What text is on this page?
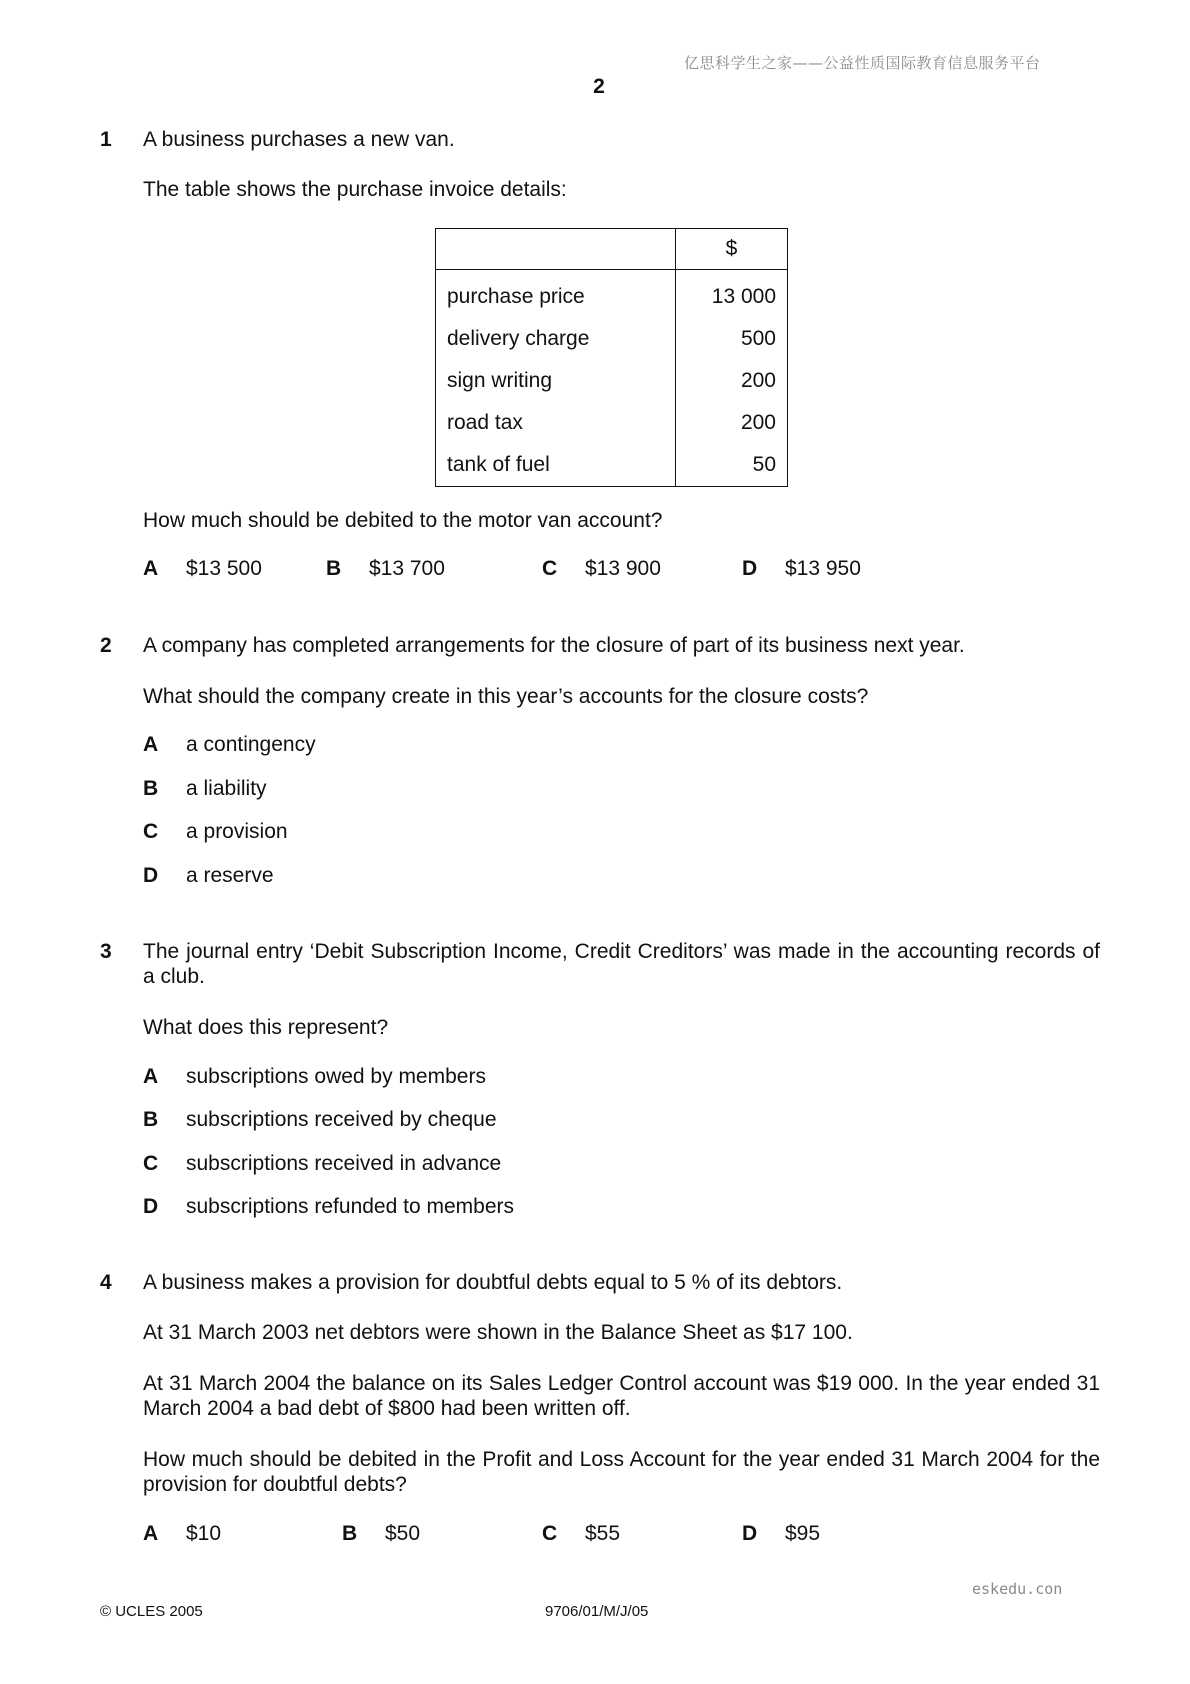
亿思科学生之家——公益性质国际教育信息服务平台
2
1 A business purchases a new van.
The table shows the purchase invoice details:
	$
purchase price	13 000
delivery charge	500
sign writing	200
road tax	200
tank of fuel	50
How much should be debited to the motor van account?
A $13 500	B $13 700	C $13 900	D $13 950
2 A company has completed arrangements for the closure of part of its business next year.
What should the company create in this year’s accounts for the closure costs?
A a contingency
B a liability
C a provision
D a reserve
3 The journal entry ‘Debit Subscription Income, Credit Creditors’ was made in the accounting records of a club.
What does this represent?
A subscriptions owed by members
B subscriptions received by cheque
C subscriptions received in advance
D subscriptions refunded to members
4 A business makes a provision for doubtful debts equal to 5 % of its debtors.
At 31 March 2003 net debtors were shown in the Balance Sheet as $17 100.
At 31 March 2004 the balance on its Sales Ledger Control account was $19 000. In the year ended 31 March 2004 a bad debt of $800 had been written off.
How much should be debited in the Profit and Loss Account for the year ended 31 March 2004 for the provision for doubtful debts?
A $10	B $50	C $55	D $95
eskedu.con
© UCLES 2005	9706/01/M/J/05
